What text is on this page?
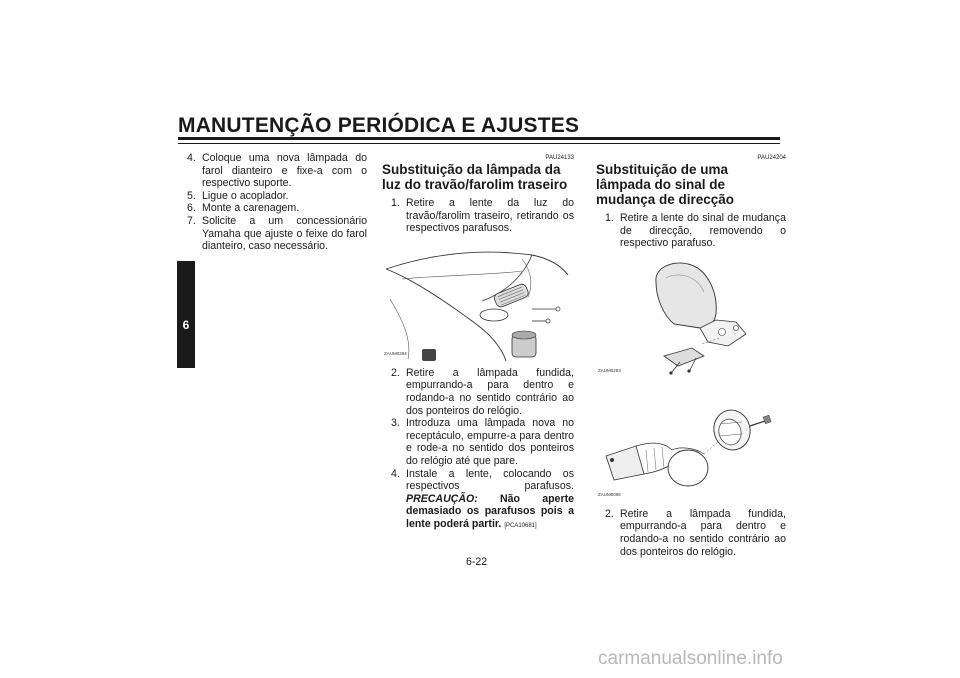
MANUTENÇÃO PERIÓDICA E AJUSTES
6
4. Coloque uma nova lâmpada do farol dianteiro e fixe-a com o respectivo suporte.
5. Ligue o acoplador.
6. Monte a carenagem.
7. Solicite a um concessionário Yamaha que ajuste o feixe do farol dianteiro, caso necessário.

PAU24133

Substituição da lâmpada da luz do travão/farolim traseiro
1. Retire a lente da luz do travão/farolim traseiro, retirando os respectivos parafusos.
ZAUM0294
2. Retire a lâmpada fundida, empurrando-a para dentro e rodando-a no sentido contrário ao dos ponteiros do relógio.
3. Introduza uma lâmpada nova no receptáculo, empurre-a para dentro e rode-a no sentido dos ponteiros do relógio até que pare.
4. Instale a lente, colocando os respectivos parafusos. PRECAUÇÃO: Não aperte demasiado os parafusos pois a lente poderá partir. [PCA10681]

PAU24204

Substituição de uma lâmpada do sinal de mudança de direcção
1. Retire a lente do sinal de mudança de direcção, removendo o respectivo parafuso.
ZAUM0293
ZAUM0096
2. Retire a lâmpada fundida, empurrando-a para dentro e rodando-a no sentido contrário ao dos ponteiros do relógio.
6-22
carmanualsonline.info
